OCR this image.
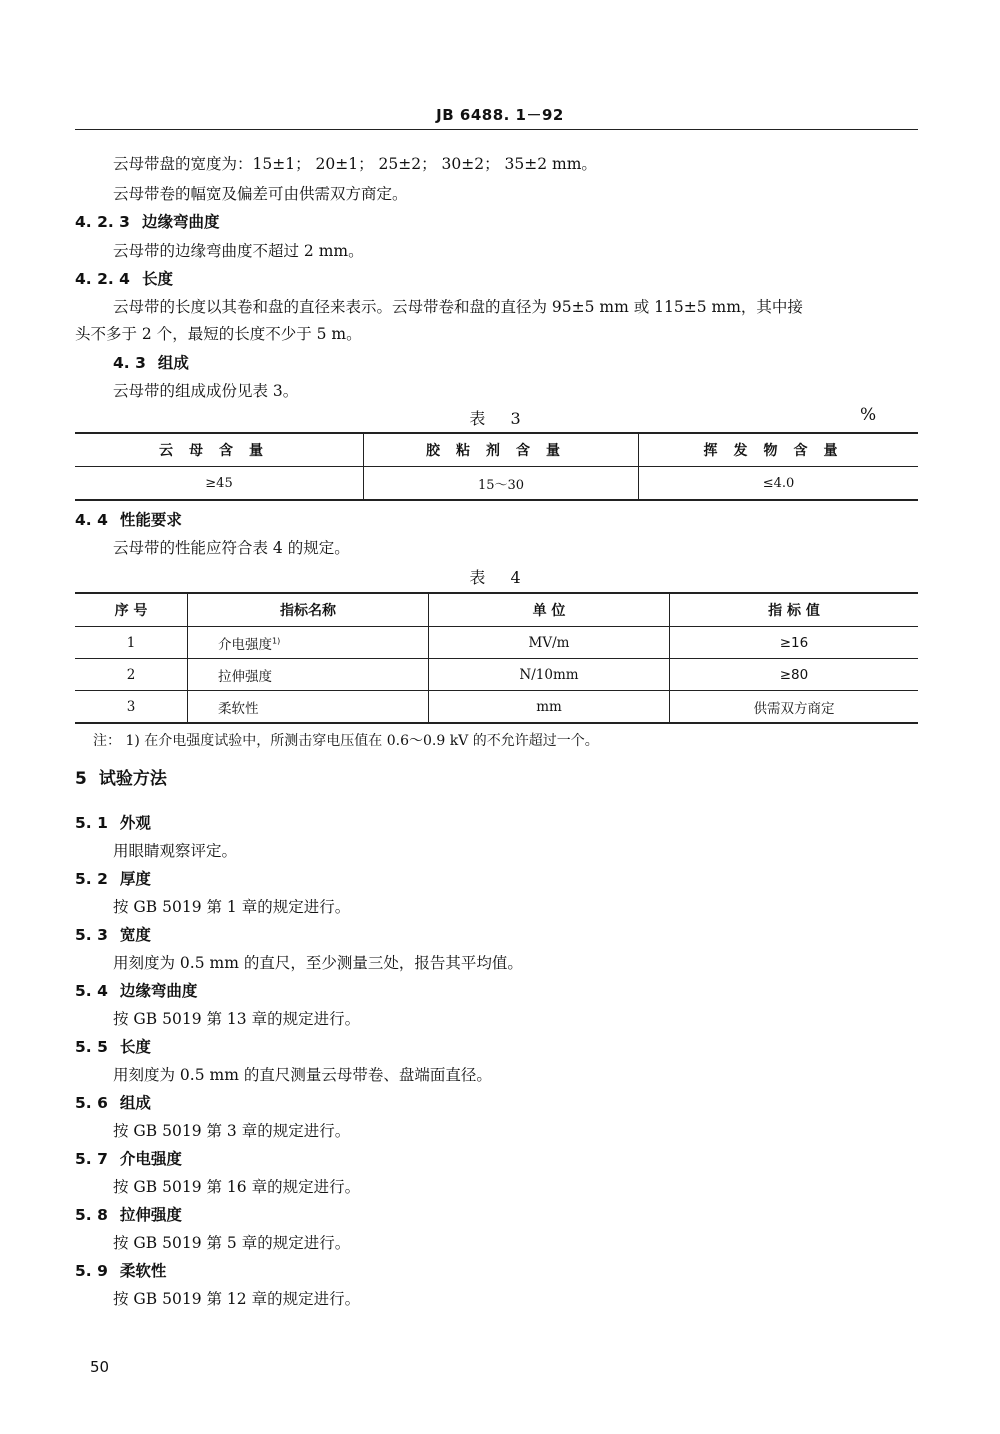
JB 6488. 1－92
云母带盘的宽度为：15±1； 20±1； 25±2； 30±2； 35±2 mm。
云母带卷的幅宽及偏差可由供需双方商定。
4. 2. 3 边缘弯曲度
云母带的边缘弯曲度不超过 2 mm。
4. 2. 4 长度
云母带的长度以其卷和盘的直径来表示。云母带卷和盘的直径为 95±5 mm 或 115±5 mm，其中接
头不多于 2 个，最短的长度不少于 5 m。
4. 3 组成
云母带的组成成份见表 3。
表 3	%
云母含量	胶粘剂含量	挥发物含量
≥45	15～30	≤4.0
4. 4 性能要求
云母带的性能应符合表 4 的规定。
表 4
序 号	指标名称	单 位	指 标 值
1	介电强度$^{1)}$	MV/m	≥16
2	拉伸强度	N/10mm	≥80
3	柔软性	mm	供需双方商定
注： 1) 在介电强度试验中，所测击穿电压值在 0.6～0.9 kV 的不允许超过一个。
5 试验方法
5. 1 外观
用眼睛观察评定。
5. 2 厚度
按 GB 5019 第 1 章的规定进行。
5. 3 宽度
用刻度为 0.5 mm 的直尺，至少测量三处，报告其平均值。
5. 4 边缘弯曲度
按 GB 5019 第 13 章的规定进行。
5. 5 长度
用刻度为 0.5 mm 的直尺测量云母带卷、盘端面直径。
5. 6 组成
按 GB 5019 第 3 章的规定进行。
5. 7 介电强度
按 GB 5019 第 16 章的规定进行。
5. 8 拉伸强度
按 GB 5019 第 5 章的规定进行。
5. 9 柔软性
按 GB 5019 第 12 章的规定进行。
50
